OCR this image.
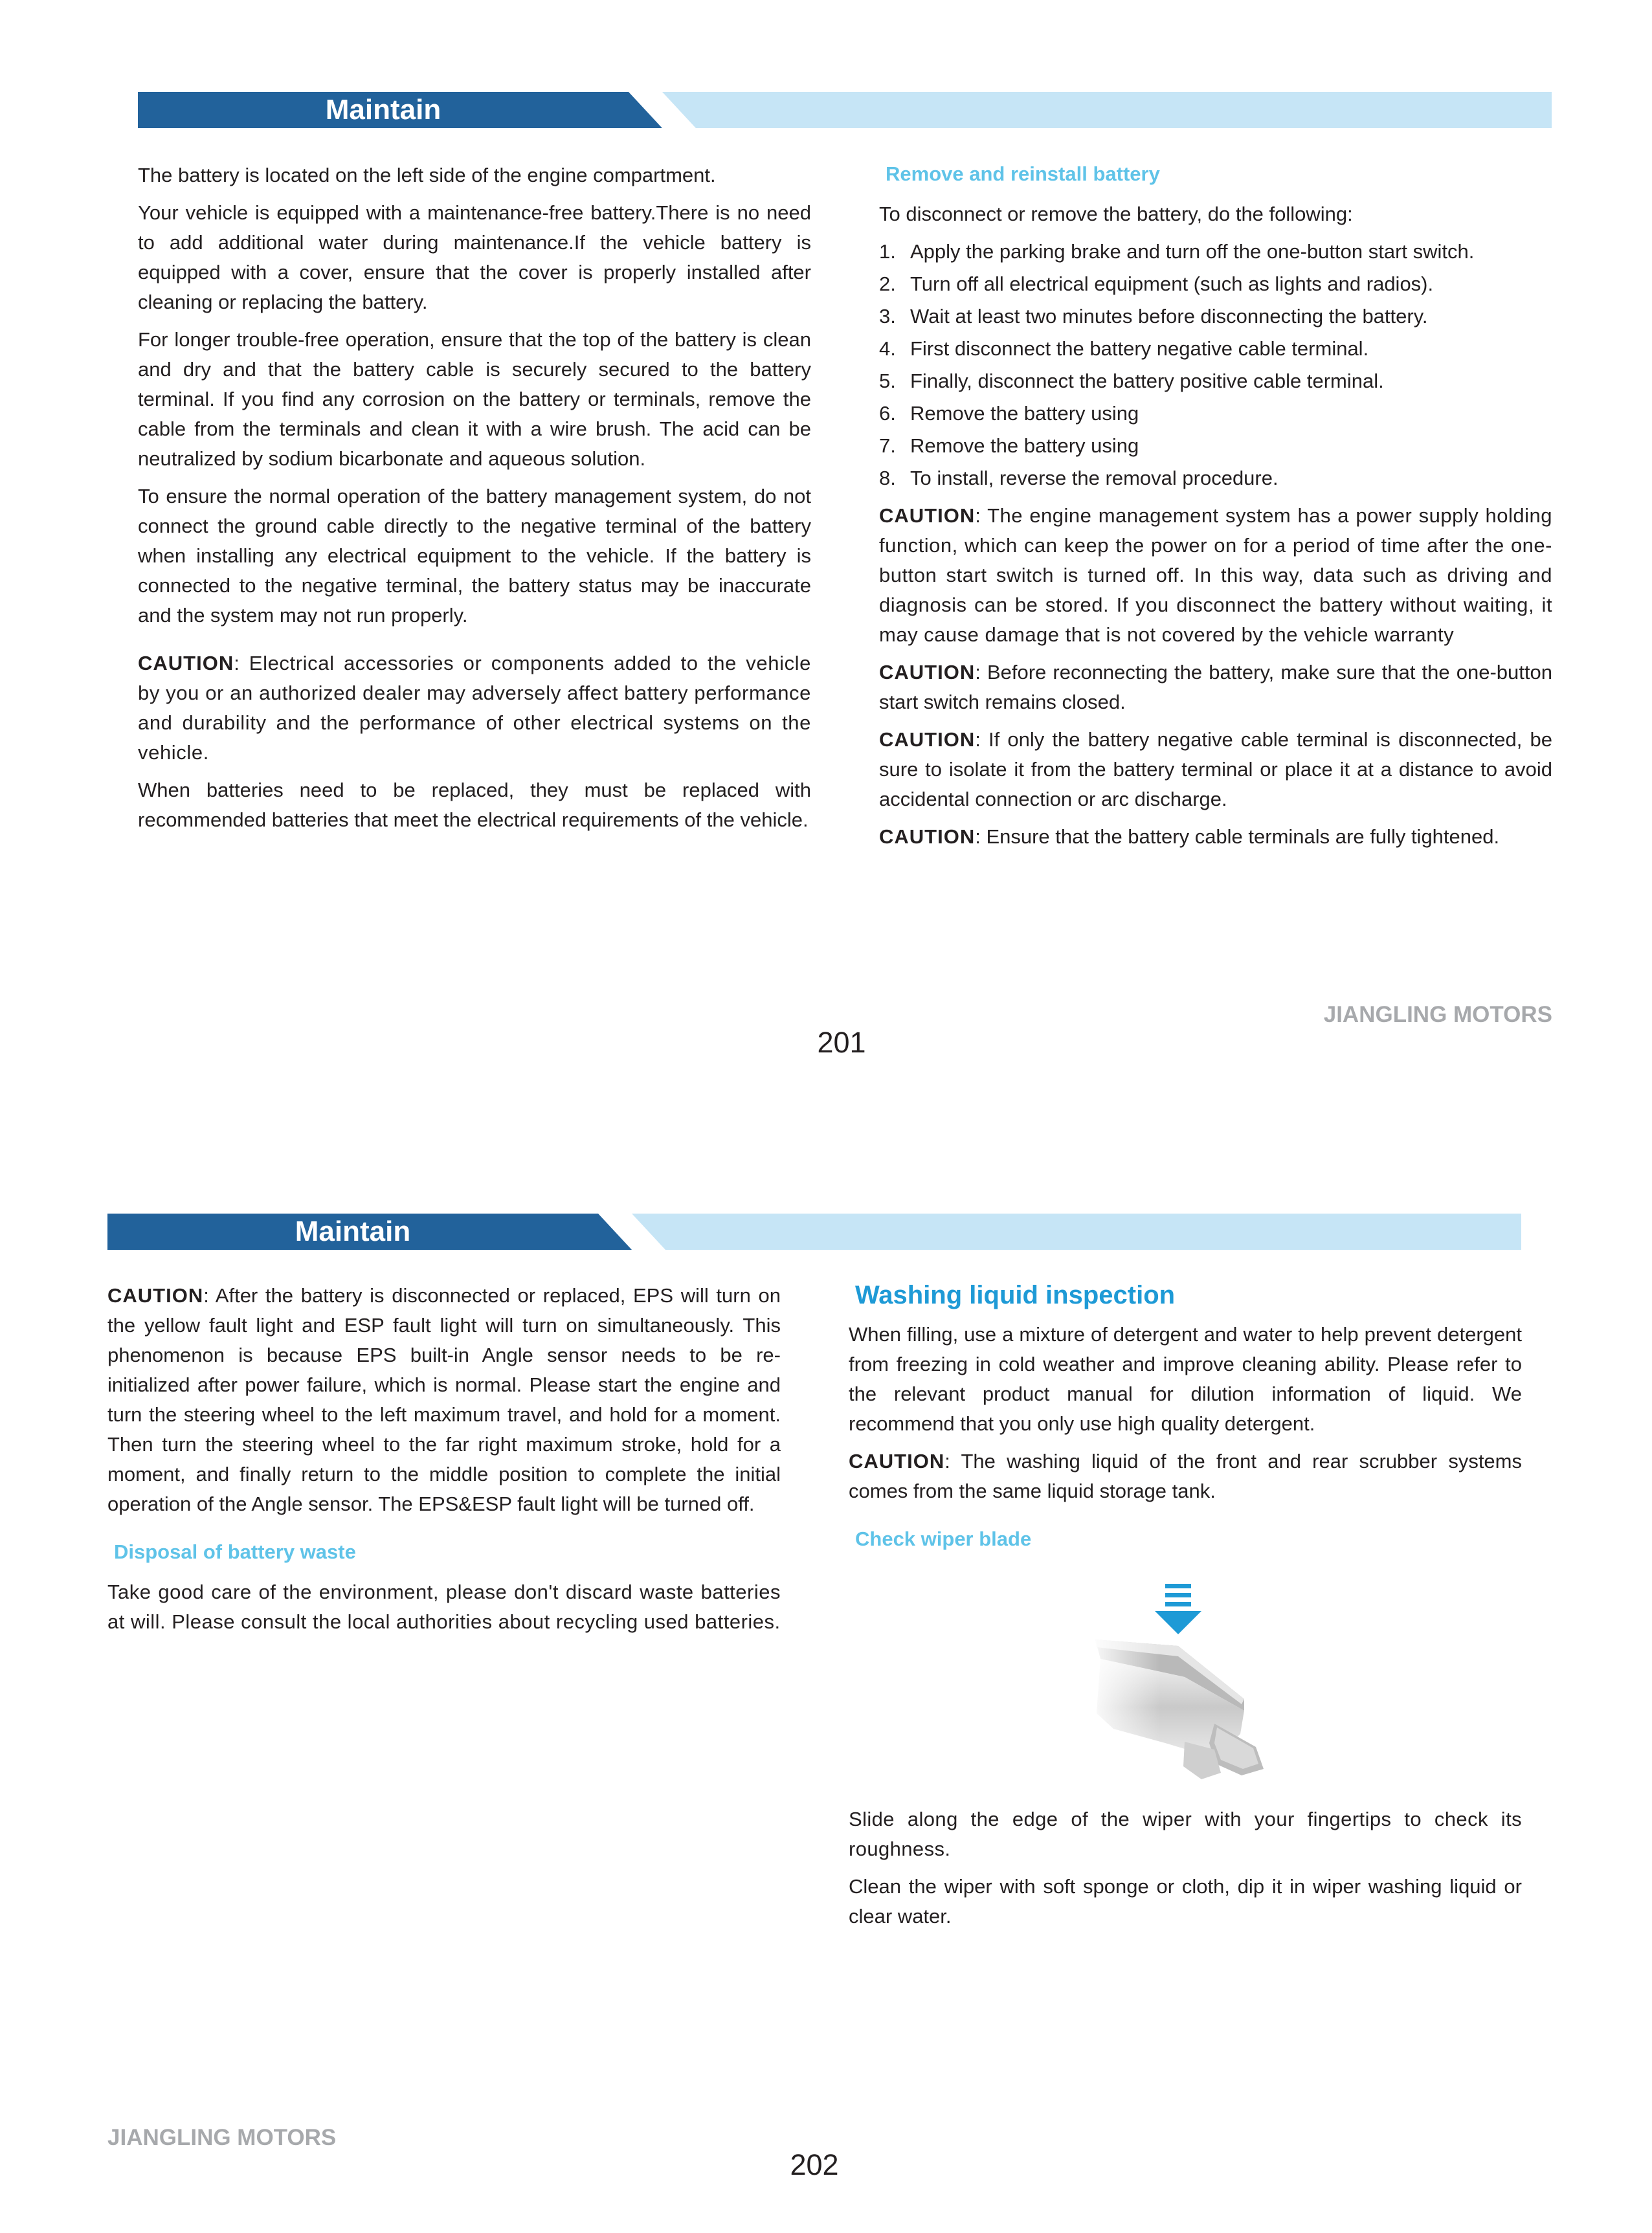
Maintain

The battery is located on the left side of the engine compartment.

Your vehicle is equipped with a maintenance-free battery.There is no need to add additional water during maintenance.If the vehicle battery is equipped with a cover, ensure that the cover is properly installed after cleaning or replacing the battery.

For longer trouble-free operation, ensure that the top of the battery is clean and dry and that the battery cable is securely secured to the battery terminal. If you find any corrosion on the battery or terminals, remove the cable from the terminals and clean it with a wire brush. The acid can be neutralized by sodium bicarbonate and aqueous solution.

To ensure the normal operation of the battery management system, do not connect the ground cable directly to the negative terminal of the battery when installing any electrical equipment to the vehicle. If the battery is connected to the negative terminal, the battery status may be inaccurate and the system may not run properly.

CAUTION: Electrical accessories or components added to the vehicle by you or an authorized dealer may adversely affect battery performance and durability and the performance of other electrical systems on the vehicle.

When batteries need to be replaced, they must be replaced with recommended batteries that meet the electrical requirements of the vehicle.

Remove and reinstall battery

To disconnect or remove the battery, do the following:

1. Apply the parking brake and turn off the one-button start switch.
2. Turn off all electrical equipment (such as lights and radios).
3. Wait at least two minutes before disconnecting the battery.
4. First disconnect the battery negative cable terminal.
5. Finally, disconnect the battery positive cable terminal.
6. Remove the battery using
7. Remove the battery using
8. To install, reverse the removal procedure.

CAUTION: The engine management system has a power supply holding function, which can keep the power on for a period of time after the one-button start switch is turned off. In this way, data such as driving and diagnosis can be stored. If you disconnect the battery without waiting, it may cause damage that is not covered by the vehicle warranty

CAUTION: Before reconnecting the battery, make sure that the one-button start switch remains closed.

CAUTION: If only the battery negative cable terminal is disconnected, be sure to isolate it from the battery terminal or place it at a distance to avoid accidental connection or arc discharge.

CAUTION: Ensure that the battery cable terminals are fully tightened.

JIANGLING MOTORS
201
Maintain

CAUTION: After the battery is disconnected or replaced, EPS will turn on the yellow fault light and ESP fault light will turn on simultaneously. This phenomenon is because EPS built-in Angle sensor needs to be re-initialized after power failure, which is normal. Please start the engine and turn the steering wheel to the left maximum travel, and hold for a moment. Then turn the steering wheel to the far right maximum stroke, hold for a moment, and finally return to the middle position to complete the initial operation of the Angle sensor. The EPS&ESP fault light will be turned off.

Disposal of battery waste

Take good care of the environment, please don't discard waste batteries at will. Please consult the local authorities about recycling used batteries.

Washing liquid inspection

When filling, use a mixture of detergent and water to help prevent detergent from freezing in cold weather and improve cleaning ability. Please refer to the relevant product manual for dilution information of liquid. We recommend that you only use high quality detergent.

CAUTION: The washing liquid of the front and rear scrubber systems comes from the same liquid storage tank.

Check wiper blade

Slide along the edge of the wiper with your fingertips to check its roughness.

Clean the wiper with soft sponge or cloth, dip it in wiper washing liquid or clear water.

JIANGLING MOTORS
202
